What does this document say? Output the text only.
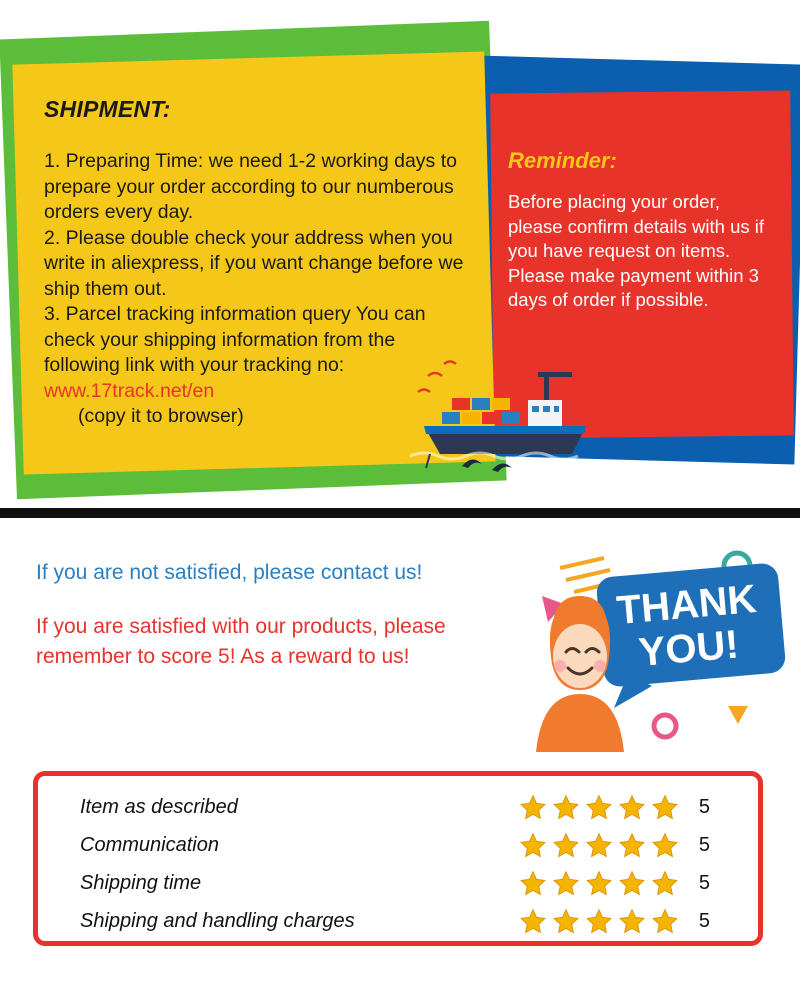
SHIPMENT:

1. Preparing Time: we need 1-2 working days to prepare your order according to our numberous orders every day.

2. Please double check your address when you write in aliexpress, if you want change before we ship them out.

3. Parcel tracking information query You can check your shipping information from the following link with your tracking no: www.17track.net/en

(copy it to browser)
Reminder:

Before placing your order, please confirm details with us if you have request on items. Please make payment within 3 days of order if possible.

If you are not satisfied, please contact us!

If you are satisfied with our products, please remember to score 5! As a reward to us!

THANK
YOU!
Item as described	5
Communication	5
Shipping time	5
Shipping and handling charges	5
